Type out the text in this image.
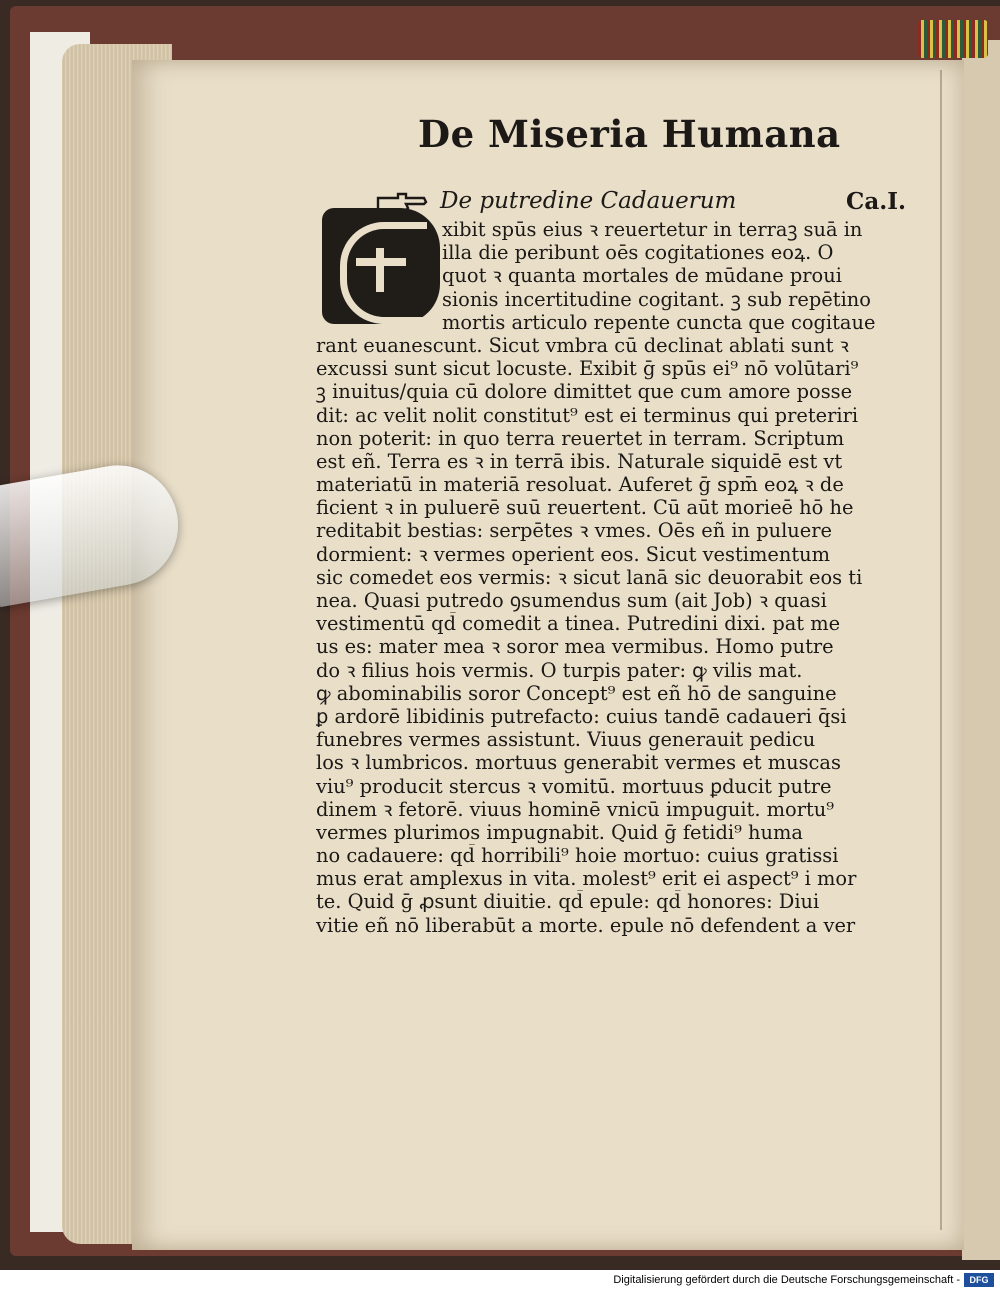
De Miseria Humana
De putredine Cadauerum	Ca.I.
xibit spūs eius ꝛ reuertetur in terraꝫ suā in
illa die peribunt oēs cogitationes eoꝝ. O
quot ꝛ quanta mortales de mūdane proui
sionis incertitudine cogitant. ꝫ sub repētino
mortis articulo repente cuncta que cogitaue
rant euanescunt. Sicut vmbra cū declinat ablati sunt ꝛ
excussi sunt sicut locuste. Exibit ḡ spūs ei⁹ nō volūtari⁹
ꝫ inuitus/quia cū dolore dimittet que cum amore posse
dit: ac velit nolit constitut⁹ est ei terminus qui preteriri
non poterit: in quo terra reuertet in terram. Scriptum
est eñ. Terra es ꝛ in terrā ibis. Naturale siquidē est vt
materiatū in materiā resoluat. Auferet ḡ spm̄ eoꝝ ꝛ de
ficient ꝛ in puluerē suū reuertent. Cū aūt morieē hō he
reditabit bestias: serpētes ꝛ vmes. Oēs eñ in puluere
dormient: ꝛ vermes operient eos. Sicut vestimentum
sic comedet eos vermis: ꝛ sicut lanā sic deuorabit eos ti
nea. Quasi putredo ꝯsumendus sum (ait Job) ꝛ quasi
vestimentū qd̄ comedit a tinea. Putredini dixi. pat me
us es: mater mea ꝛ soror mea vermibus. Homo putre
do ꝛ filius hois vermis. O turpis pater: ꝙ vilis mat.
ꝙ abominabilis soror Concept⁹ est eñ hō de sanguine
ꝑ ardorē libidinis putrefacto: cuius tandē cadaueri q̄si
funebres vermes assistunt. Viuus generauit pedicu
los ꝛ lumbricos. mortuus generabit vermes et muscas
viu⁹ producit stercus ꝛ vomitū. mortuus ꝑducit putre
dinem ꝛ fetorē. viuus hominē vnicū impuguit. mortu⁹
vermes plurimos impugnabit. Quid ḡ fetidi⁹ huma
no cadauere: qd̄ horribili⁹ hoie mortuo: cuius gratissi
mus erat amplexus in vita. molest⁹ erit ei aspect⁹ i mor
te. Quid ḡ ꝓsunt diuitie. qd̄ epule: qd̄ honores: Diui
vitie eñ nō liberabūt a morte. epule nō defendent a ver
Digitalisierung gefördert durch die Deutsche Forschungsgemeinschaft -	DFG
